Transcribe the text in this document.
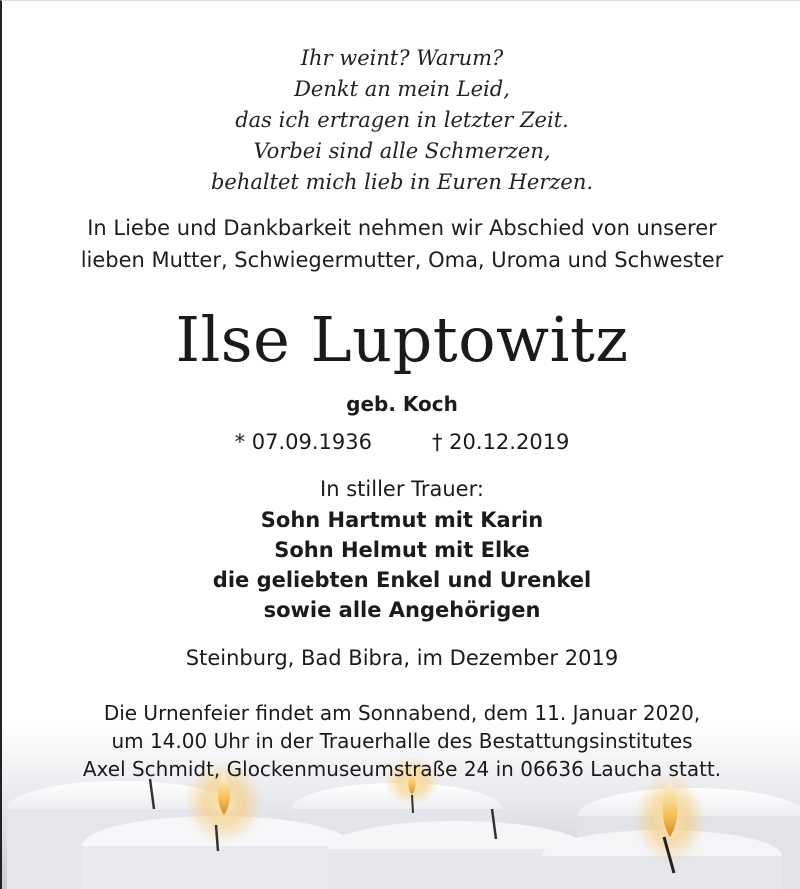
Ihr weint? Warum?
Denkt an mein Leid,
das ich ertragen in letzter Zeit.
Vorbei sind alle Schmerzen,
behaltet mich lieb in Euren Herzen.
In Liebe und Dankbarkeit nehmen wir Abschied von unserer
lieben Mutter, Schwiegermutter, Oma, Uroma und Schwester
Ilse Luptowitz
geb. Koch
* 07.09.1936	† 20.12.2019
In stiller Trauer:
Sohn Hartmut mit Karin
Sohn Helmut mit Elke
die geliebten Enkel und Urenkel
sowie alle Angehörigen
Steinburg, Bad Bibra, im Dezember 2019
Die Urnenfeier findet am Sonnabend, dem 11. Januar 2020,
um 14.00 Uhr in der Trauerhalle des Bestattungsinstitutes
Axel Schmidt, Glockenmuseumstraße 24 in 06636 Laucha statt.
